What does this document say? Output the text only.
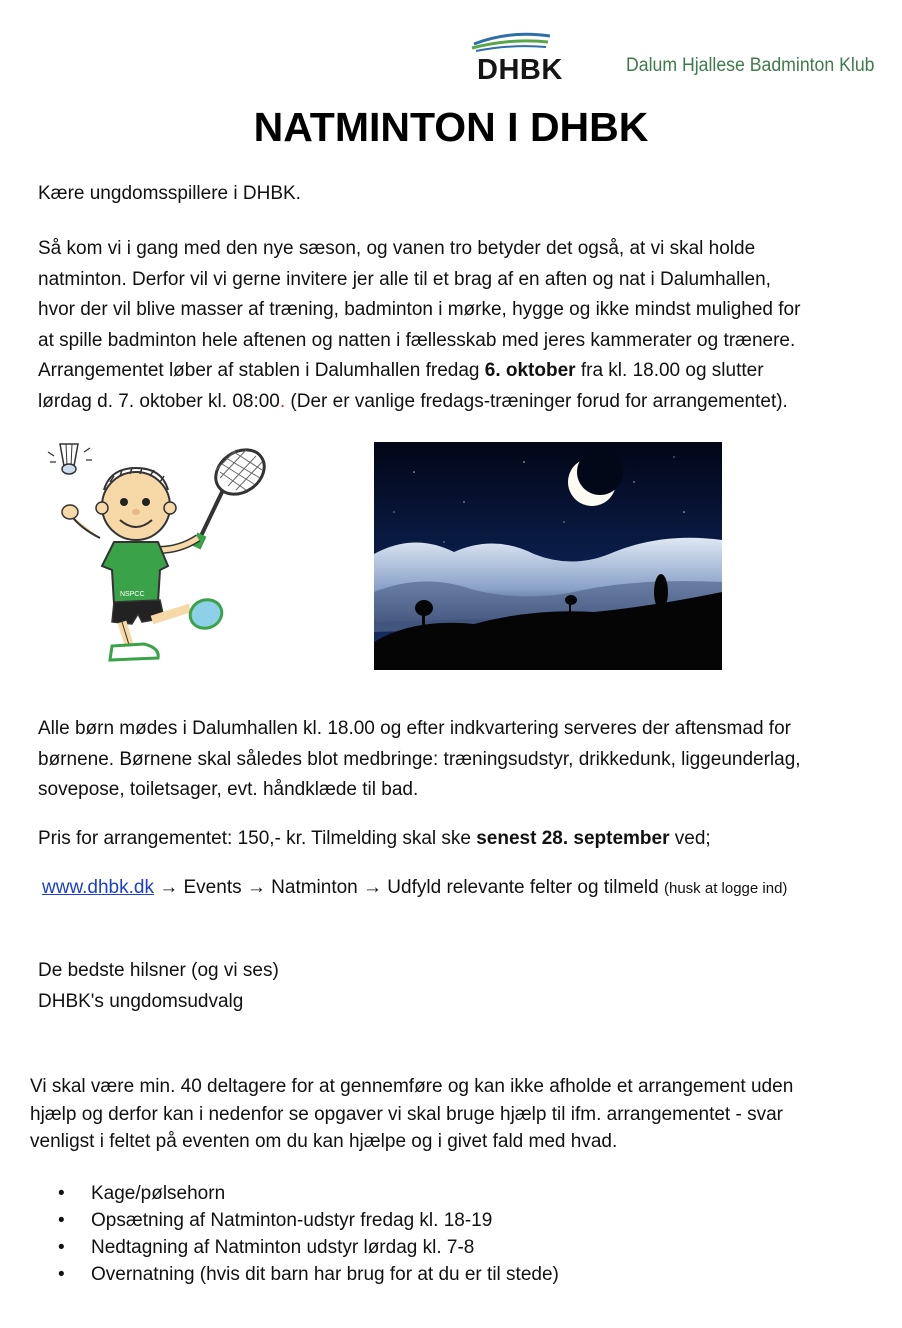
DHBK	Dalum Hjallese Badminton Klub
NATMINTON I DHBK

Kære ungdomsspillere i DHBK.

Så kom vi i gang med den nye sæson, og vanen tro betyder det også, at vi skal holde
natminton. Derfor vil vi gerne invitere jer alle til et brag af en aften og nat i Dalumhallen,
hvor der vil blive masser af træning, badminton i mørke, hygge og ikke mindst mulighed for
at spille badminton hele aftenen og natten i fællesskab med jeres kammerater og trænere.
Arrangementet løber af stablen i Dalumhallen fredag 6. oktober fra kl. 18.00 og slutter
lørdag d. 7. oktober kl. 08:00. (Der er vanlige fredags-træninger forud for arrangementet).

NSPCC

Alle børn mødes i Dalumhallen kl. 18.00 og efter indkvartering serveres der aftensmad for
børnene. Børnene skal således blot medbringe: træningsudstyr, drikkedunk, liggeunderlag,
sovepose, toiletsager, evt. håndklæde til bad.

Pris for arrangementet: 150,- kr. Tilmelding skal ske senest 28. september ved;

www.dhbk.dk → Events → Natminton → Udfyld relevante felter og tilmeld (husk at logge ind)

De bedste hilsner (og vi ses)
DHBK's ungdomsudvalg

Vi skal være min. 40 deltagere for at gennemføre og kan ikke afholde et arrangement uden
hjælp og derfor kan i nedenfor se opgaver vi skal bruge hjælp til ifm. arrangementet - svar
venligst i feltet på eventen om du kan hjælpe og i givet fald med hvad.

• Kage/pølsehorn
• Opsætning af Natminton-udstyr fredag kl. 18-19
• Nedtagning af Natminton udstyr lørdag kl. 7-8
• Overnatning (hvis dit barn har brug for at du er til stede)
